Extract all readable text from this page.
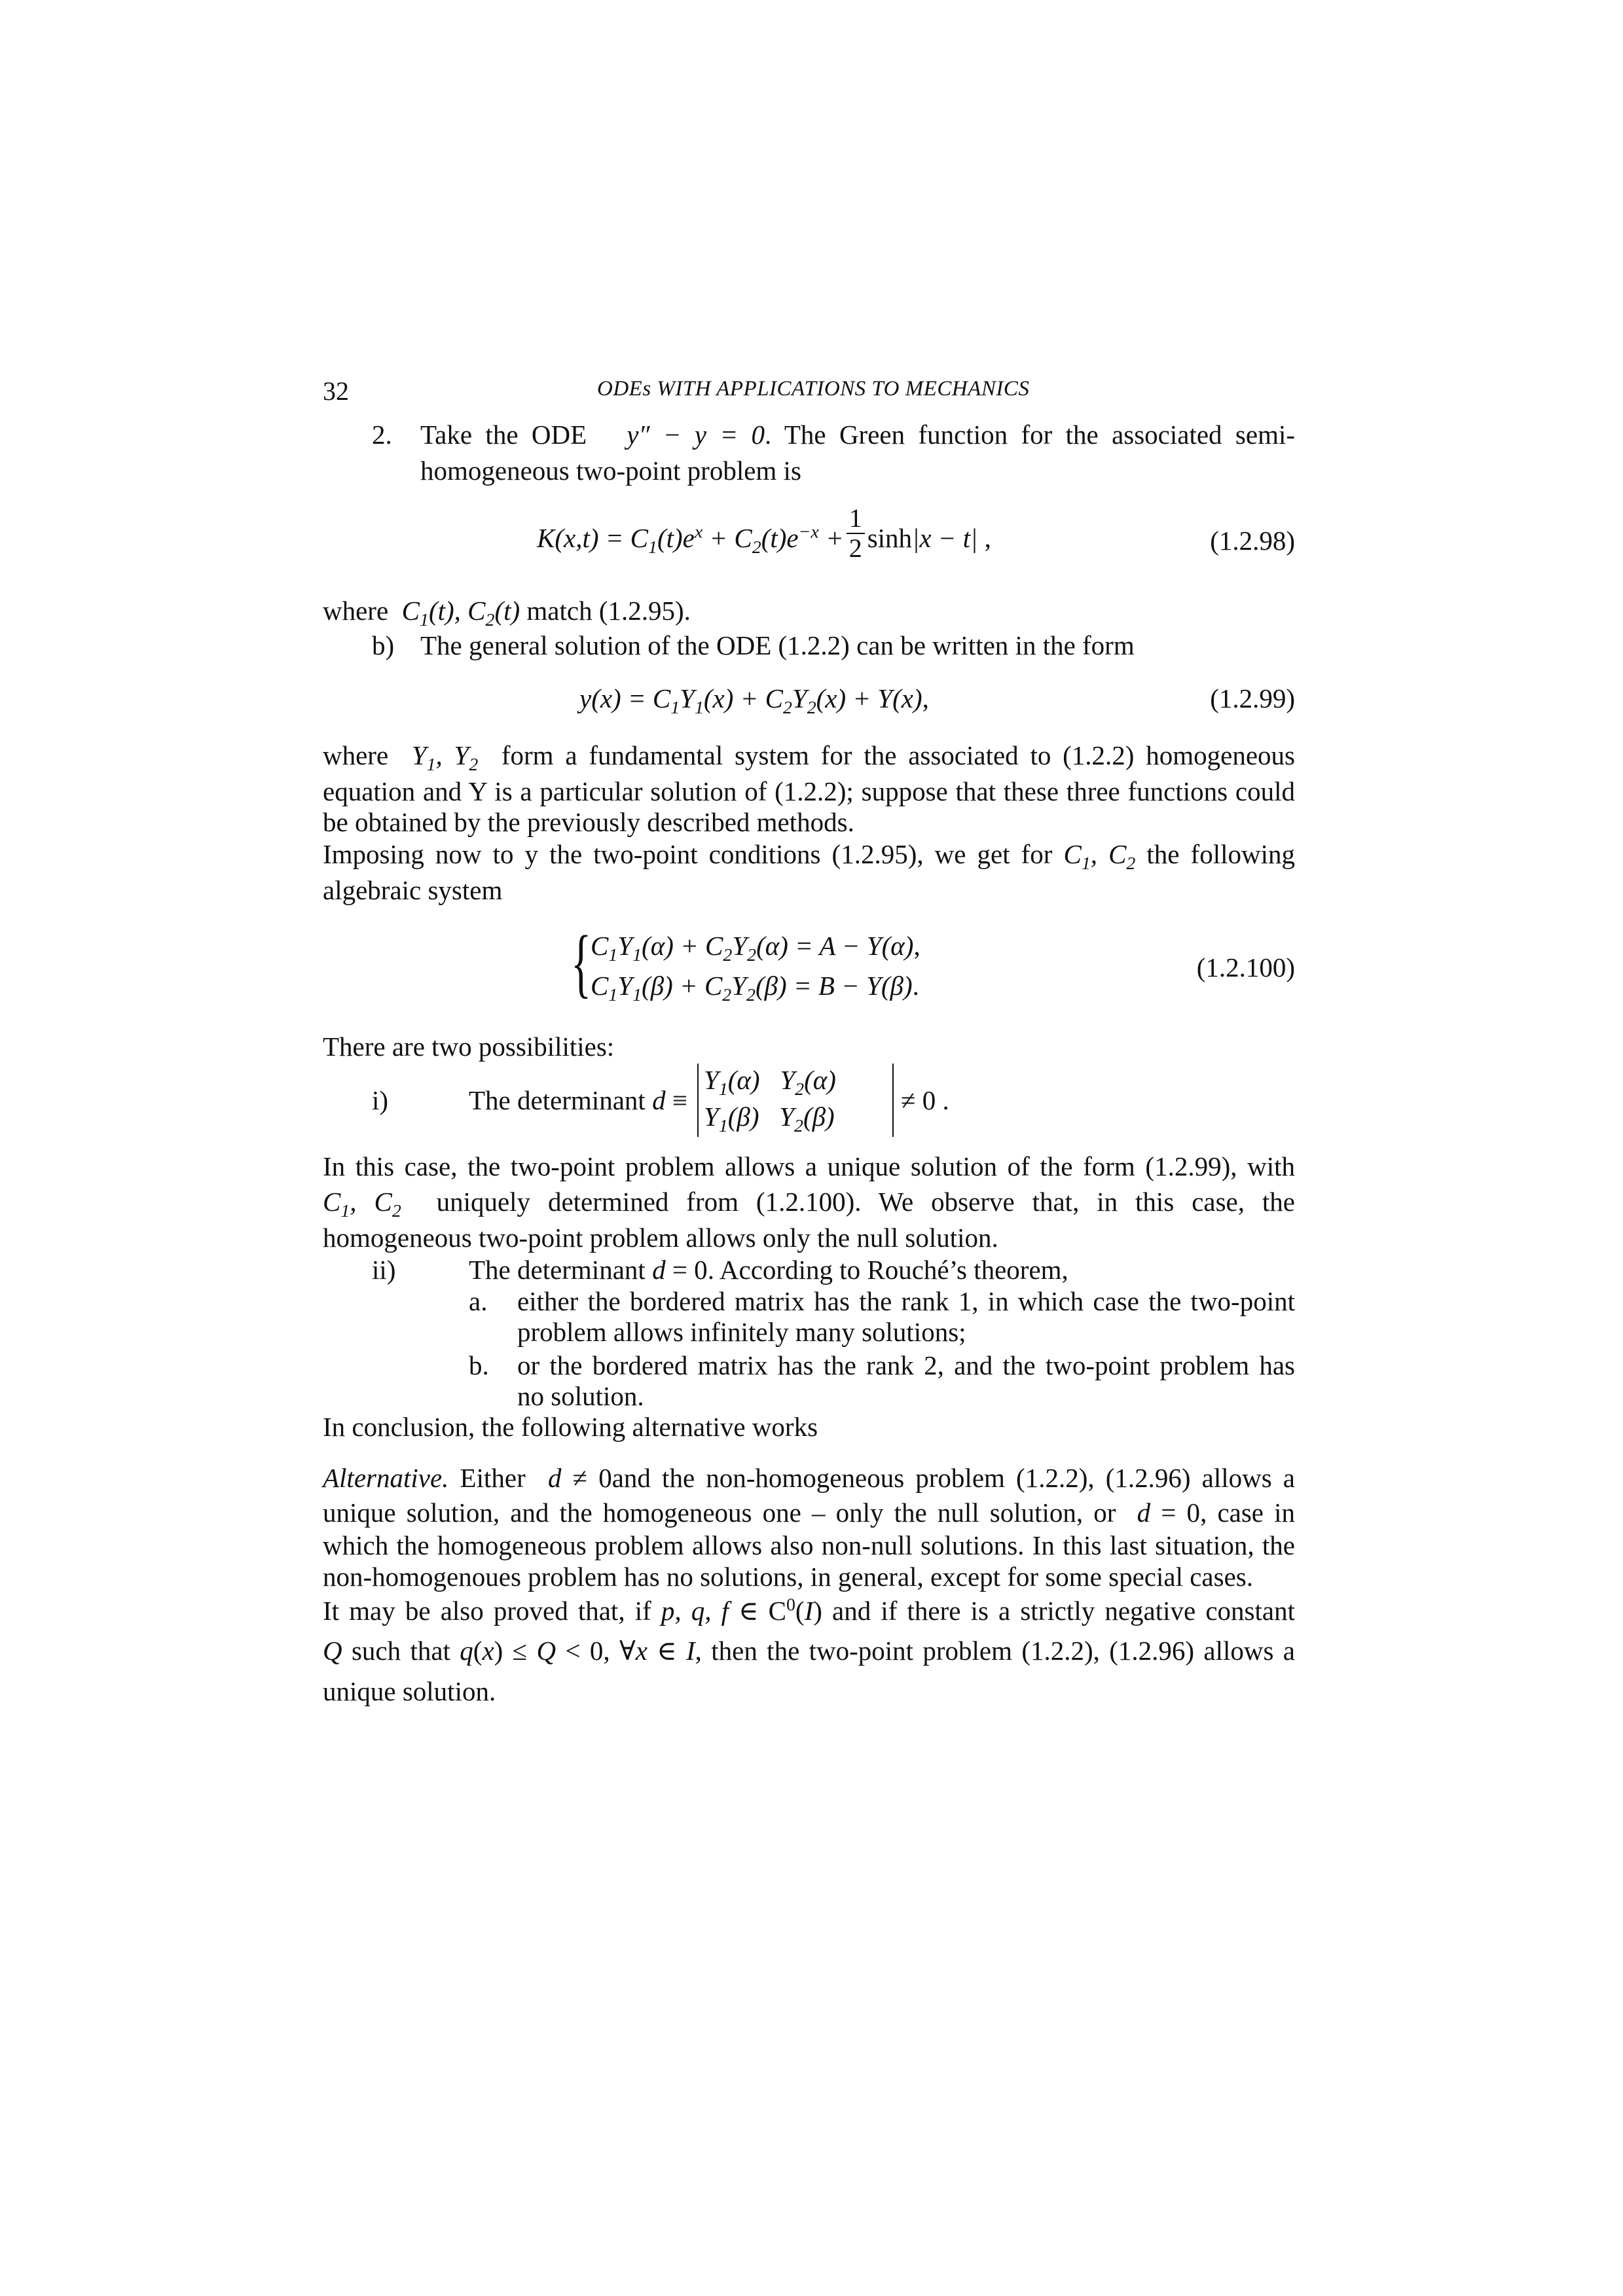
32	ODEs WITH APPLICATIONS TO MECHANICS
2. Take the ODE y″ − y = 0. The Green function for the associated semi-
homogeneous two-point problem is
$K(x,t) = C_1(t)e^x + C_2(t)e^{-x} + \frac{1}{2} \sinh|x - t|$ ,	(1.2.98)
where $C_1(t)$, $C_2(t)$ match (1.2.95).
b) The general solution of the ODE (1.2.2) can be written in the form
$y(x) = C_1Y_1(x) + C_2Y_2(x) + Y(x)$,	(1.2.99)
where $Y_1$, $Y_2$ form a fundamental system for the associated to (1.2.2) homogeneous
equation and Y is a particular solution of (1.2.2); suppose that these three functions could
be obtained by the previously described methods.
Imposing now to y the two-point conditions (1.2.95), we get for $C_1$, $C_2$ the following
algebraic system
{
$C_1Y_1(\alpha) + C_2Y_2(\alpha) = A - Y(\alpha)$,
$C_1Y_1(\beta) + C_2Y_2(\beta) = B - Y(\beta)$.
(1.2.100)
There are two possibilities:
i)	The determinant d ≡
$Y_1(\alpha)$   $Y_2(\alpha)$
$Y_1(\beta)$   $Y_2(\beta)$
≠ 0 .
In this case, the two-point problem allows a unique solution of the form (1.2.99), with
$C_1$, $C_2$ uniquely determined from (1.2.100). We observe that, in this case, the
homogeneous two-point problem allows only the null solution.
ii)	The determinant d = 0. According to Rouché’s theorem,
a. either the bordered matrix has the rank 1, in which case the two-point
problem allows infinitely many solutions;
b. or the bordered matrix has the rank 2, and the two-point problem has
no solution.
In conclusion, the following alternative works
Alternative. Either d ≠ 0and the non-homogeneous problem (1.2.2), (1.2.96) allows a
unique solution, and the homogeneous one – only the null solution, or d = 0, case in
which the homogeneous problem allows also non-null solutions. In this last situation, the
non-homogenoues problem has no solutions, in general, except for some special cases.
It may be also proved that, if p, q, f ∈ $C^0(I)$ and if there is a strictly negative constant
Q such that q(x) ≤ Q < 0, ∀x ∈ I, then the two-point problem (1.2.2), (1.2.96) allows a
unique solution.
